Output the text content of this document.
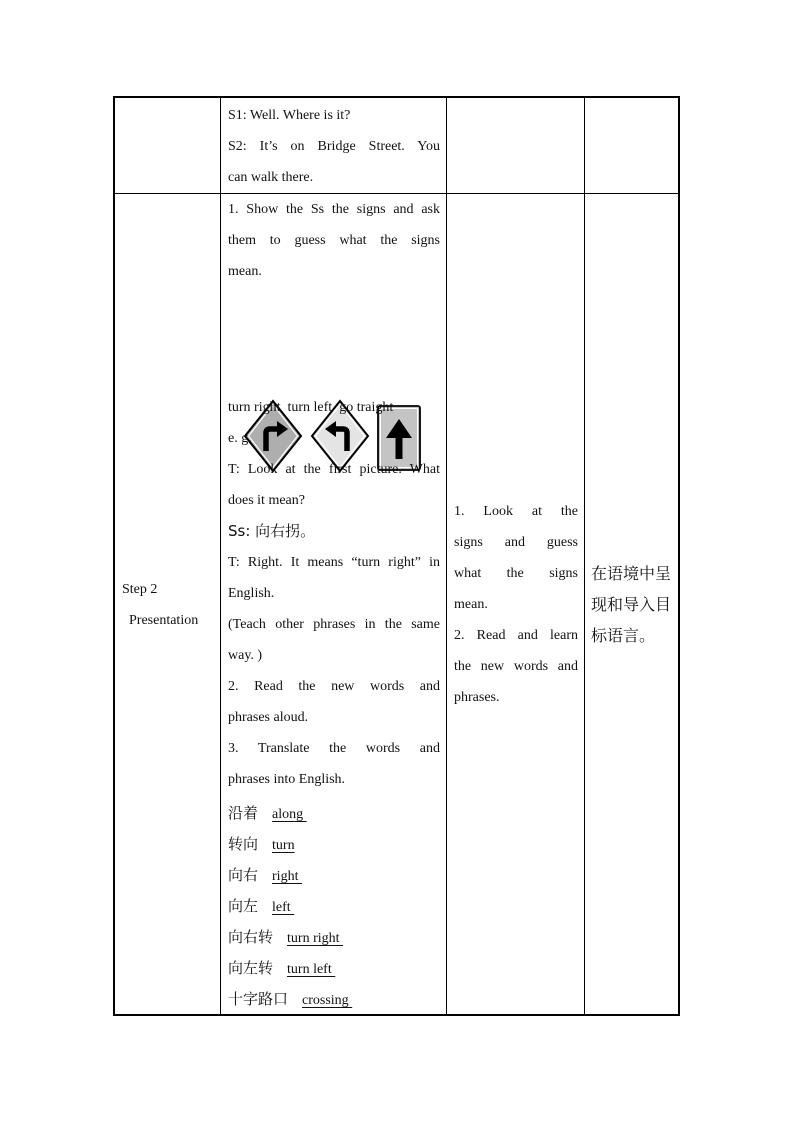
S1: Well. Where is it?

S2: It’s on Bridge Street. You

can walk there.

Step 2

Presentation

1. Show the Ss the signs and ask

them to guess what the signs

mean.

turn right  turn left  go traight

e. g.

T: Look at the first picture. What

does it mean?

Ss: 向右拐。

T: Right. It means “turn right” in

English.

(Teach other phrases in the same

way. )

2. Read the new words and

phrases aloud.

3. Translate the words and

phrases into English.

沿着 along
转向 turn
向右 right
向左 left
向右转 turn right
向左转 turn left
十字路口 crossing

1. Look at the

signs and guess

what the signs

mean.

2. Read and learn

the new words and

phrases.

在语境中呈

现和导入目

标语言。
